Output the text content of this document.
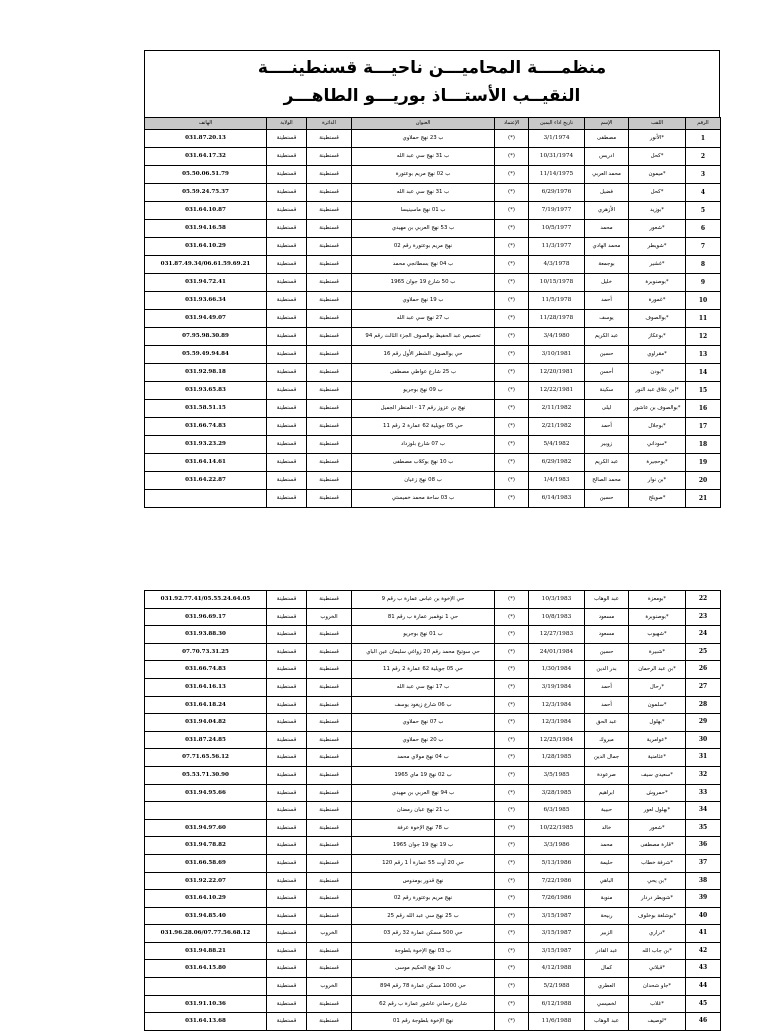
منظمــــة المحاميـــن ناحيـــة قسنطينــــة
النقيــب الأستـــاذ بوريـــو الطاهـــر
الرقم	اللقب	الإسم	تاريخ اداء اليمين	الإعتماد	العنوان	الدائرة	الولاية	الهاتف
1	*الأنور	مصطفى	3/1/1974	(*)	ب 23 نهج حملاوي	قسنطينة	قسنطينة	031.87.20.13
2	*كحل	ادريس	10/31/1974	(*)	ب 31 نهج سي عبد الله	قسنطينة	قسنطينة	031.64.17.32
3	*ميمون	محمد العربي	11/14/1975	(*)	ب 02 نهج مريم بوعتورة	قسنطينة	قسنطينة	05.50.06.51.79
4	*كحل	فضيل	6/29/1976	(*)	ب 31 نهج سي عبد الله	قسنطينة	قسنطينة	05.59.24.75.37
5	*بوزيد	الأزهري	7/19/1977	(*)	ب 01 نهج ماسينيسا	قسنطينة	قسنطينة	031.64.10.87
6	*شعور	محمد	10/5/1977	(*)	ب 53 نهج العربي بن مهيدي	قسنطينة	قسنطينة	031.94.16.58
7	*شويطر	محمد الهادي	11/3/1977	(*)	نهج مريم بوعتورة رقم 02	قسنطينة	قسنطينة	031.64.10.29
8	*غشير	بوجمعة	4/3/1978	(*)	ب 04 نهج بسطانجي محمد	قسنطينة	قسنطينة	031.87.49.34/06.61.59.69.21
9	*بوصنوبرة	خليل	10/15/1978	(*)	ب 50 شارع 19 جوان 1965	قسنطينة	قسنطينة	031.94.72.41
10	*غمورة	أحمد	11/5/1978	(*)	ب 19 نهج حملاوي	قسنطينة	قسنطينة	031.93.66.34
11	*بوالصوف	يوسف	11/28/1978	(*)	ب 27 نهج سي عبد الله	قسنطينة	قسنطينة	031.94.49.07
12	*بوعكاز	عبد الكريم	3/4/1980	(*)	تحصيص عبد الحفيظ بوالصوف الجزء الثالث رقم 94	قسنطينة	قسنطينة	07.95.98.30.89
13	*مقراوي	حسين	3/10/1981	(*)	حي بوالصوف الشطر الأول رقم 16	قسنطينة	قسنطينة	05.59.49.94.84
14	*بودن	أحسن	12/20/1981	(*)	ب 25 شارع عواطي مصطفى	قسنطينة	قسنطينة	031.92.98.18
15	*ابن علاق عبد النور	سكينة	12/22/1981	(*)	ب 09 نهج بوجريو	قسنطينة	قسنطينة	031.93.65.83
16	*بوالصوف بن عاشور	ليلى	2/11/1982	(*)	نهج بن عزوز رقم 17 - المنظر الجميل	قسنطينة	قسنطينة	031.58.51.15
17	*بوجلال	أحمد	2/21/1982	(*)	حي 05 جويلية 62 عمارة 2 رقم 11	قسنطينة	قسنطينة	031.66.74.83
18	*سوداني	زوبير	5/4/1982	(*)	ب 07 شارع بلوزداد	قسنطينة	قسنطينة	031.93.23.29
19	*بوحجيرة	عبد الكريم	6/29/1982	(*)	ب 10 نهج بوكلاب مصطفى	قسنطينة	قسنطينة	031.64.14.61
20	*بن نوار	محمد الصالح	1/4/1983	(*)	ب 08 نهج زعيان	قسنطينة	قسنطينة	031.64.22.87
21	*صويلح	حسين	6/14/1983	(*)	ب 03 ساحة محمد خميستي	قسنطينة	قسنطينة	
22	*بومعزة	عبد الوهاب	10/3/1983	(*)	حي الإخوة بن عباس عمارة ب رقم 9	قسنطينة	قسنطينة	031.92.77.41/05.55.24.64.05
23	*بوصنوبرة	مسعود	10/8/1983	(*)	حي 1 نوفمبر عمارة ب رقم 81	الخروب	قسنطينة	031.96.69.17
24	*شهيوب	مسعود	12/27/1983	(*)	ب 01 نهج بوجريو	قسنطينة	قسنطينة	031.93.88.30
25	*شبيرة	حسين	24/01/1984	(*)	حي سوتيح محمد رقم 20 زواغي سليمان عين الباي	قسنطينة	قسنطينة	07.70.73.31.25
26	*بن عبد الرحمان	بدر الدين	1/30/1984	(*)	حي 05 جويلية 62 عمارة 2 رقم 11	قسنطينة	قسنطينة	031.66.74.83
27	*رحال	أحمد	3/19/1984	(*)	ب 17 نهج سي عبد الله	قسنطينة	قسنطينة	031.64.16.13
28	*سلمون	أحمد	12/3/1984	(*)	ب 06 شارع زيغود يوسف	قسنطينة	قسنطينة	031.64.18.24
29	*بهلول	عبد الحق	12/3/1984	(*)	ب 07 نهج حملاوي	قسنطينة	قسنطينة	031.94.04.82
30	*عوامرية	مبروك	12/25/1984	(*)	ب 20 نهج حملاوي	قسنطينة	قسنطينة	031.87.24.85
31	*عثامنية	جمال الدين	1/28/1985	(*)	ب 04 نهج مولاي محمد	قسنطينة	قسنطينة	07.71.65.56.12
32	*سعيدي سيف	صرعودة	3/5/1985	(*)	ب 02 نهج 19 ماي 1965	قسنطينة	قسنطينة	05.53.71.30.90
33	*حمروش	ابراهيم	3/28/1985	(*)	ب 94 نهج العربي بن مهيدي	قسنطينة	قسنطينة	031.94.95.66
34	*بهلول لعور	حبيبة	6/3/1985	(*)	ب 21 نهج عبان رمضان	قسنطينة	قسنطينة	
35	*شعور	خالد	10/22/1985	(*)	ب 78 نهج الإخوة عرفة	قسنطينة	قسنطينة	031.94.97.60
36	*قارة مصطفى	محمد	3/3/1986	(*)	ب 19 نهج 19 جوان 1965	قسنطينة	قسنطينة	031.94.78.82
37	*شرفة خطاب	حليمة	5/13/1986	(*)	حي 20 أوت 55 عمارة أ 1 رقم 120	قسنطينة	قسنطينة	031.66.58.69
38	*بن يحي	الباهي	7/22/1986	(*)	نهج قدور بومدوس	قسنطينة	قسنطينة	031.92.22.07
39	*شويطر دردار	منوبة	7/26/1986	(*)	نهج مريم بوعتورة رقم 02	قسنطينة	قسنطينة	031.64.10.29
40	*بوشلغة بوخلوف	ربيحة	3/15/1987	(*)	ب 25 نهج سي عبد الله رقم 25	قسنطينة	قسنطينة	031.94.85.40
41	*دراري	الزبير	3/15/1987	(*)	حي 500 مسكن عمارة 32 رقم 03	الخروب	قسنطينة	031.96.28.06/07.77.56.68.12
42	*بن جاب الله	عبد القادر	3/15/1987	(*)	ب 03 نهج الإخوة بلطوجة	قسنطينة	قسنطينة	031.94.88.21
43	*قبلاني	كمال	4/12/1988	(*)	ب 10 نهج الحكيم موسى	قسنطينة	قسنطينة	031.64.15.80
44	*جاو شحدان	العطري	5/2/1988	(*)	حي 1000 مسكن عمارة 78 رقم 894	الخروب	قسنطينة	
45	*غلاب	لخميسي	6/12/1988	(*)	شارع رحماني عاشور عمارة ب رقم 62	قسنطينة	قسنطينة	031.91.10.36
46	*لوصيف	عبد الوهاب	11/6/1988	(*)	نهج الإخوة بلطوجة رقم 01	قسنطينة	قسنطينة	031.64.13.68
